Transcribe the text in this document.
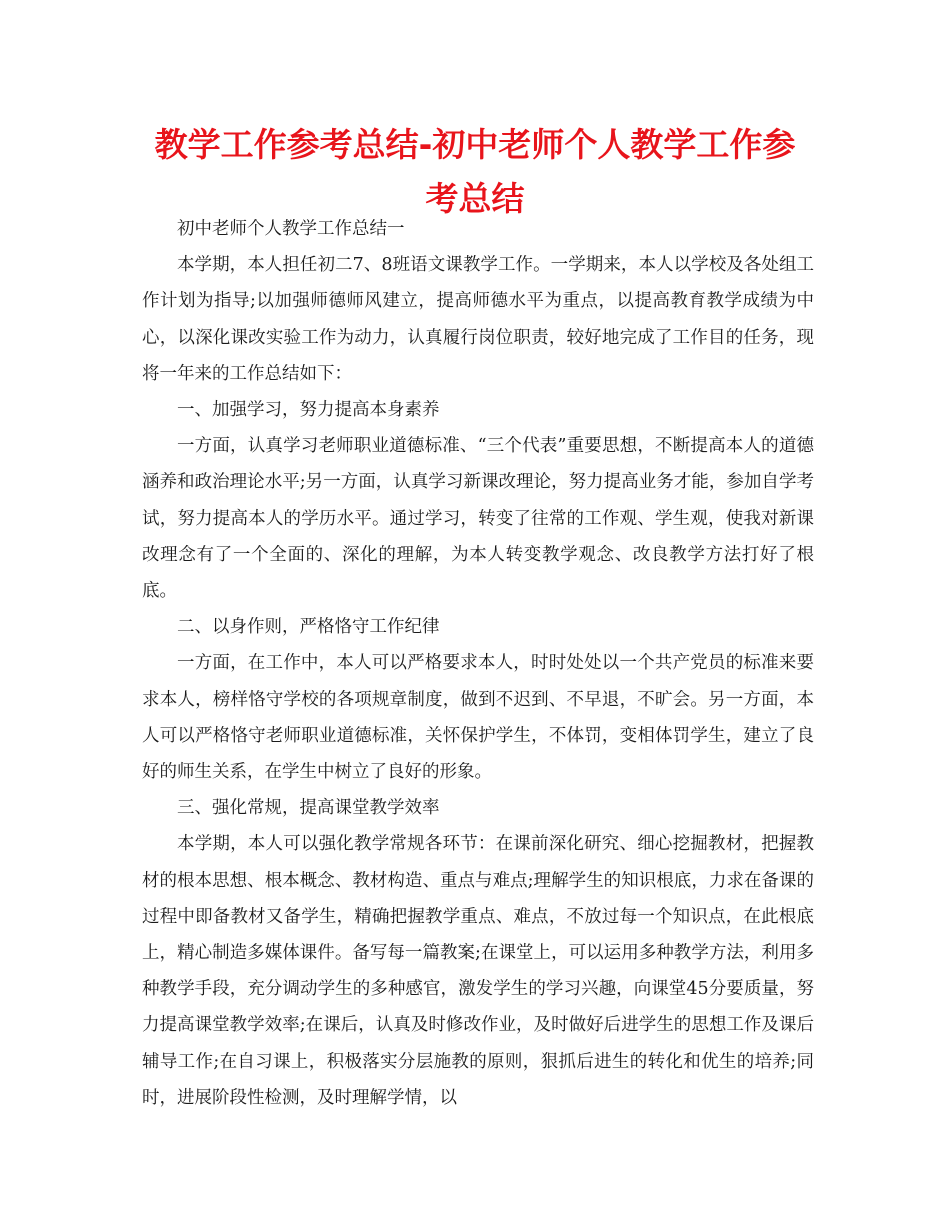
教学工作参考总结-初中老师个人教学工作参考总结

初中老师个人教学工作总结一

本学期，本人担任初二7、8班语文课教学工作。一学期来，本人以学校及各处组工作计划为指导;以加强师德师风建立，提高师德水平为重点，以提高教育教学成绩为中心，以深化课改实验工作为动力，认真履行岗位职责，较好地完成了工作目的任务，现将一年来的工作总结如下：

一、加强学习，努力提高本身素养

一方面，认真学习老师职业道德标准、“三个代表”重要思想，不断提高本人的道德涵养和政治理论水平;另一方面，认真学习新课改理论，努力提高业务才能，参加自学考试，努力提高本人的学历水平。通过学习，转变了往常的工作观、学生观，使我对新课改理念有了一个全面的、深化的理解，为本人转变教学观念、改良教学方法打好了根底。

二、以身作则，严格恪守工作纪律

一方面，在工作中，本人可以严格要求本人，时时处处以一个共产党员的标准来要求本人，榜样恪守学校的各项规章制度，做到不迟到、不早退，不旷会。另一方面，本人可以严格恪守老师职业道德标准，关怀保护学生，不体罚，变相体罚学生，建立了良好的师生关系，在学生中树立了良好的形象。

三、强化常规，提高课堂教学效率

本学期，本人可以强化教学常规各环节：在课前深化研究、细心挖掘教材，把握教材的根本思想、根本概念、教材构造、重点与难点;理解学生的知识根底，力求在备课的过程中即备教材又备学生，精确把握教学重点、难点，不放过每一个知识点，在此根底上，精心制造多媒体课件。备写每一篇教案;在课堂上，可以运用多种教学方法，利用多种教学手段，充分调动学生的多种感官，激发学生的学习兴趣，向课堂45分要质量，努力提高课堂教学效率;在课后，认真及时修改作业，及时做好后进学生的思想工作及课后辅导工作;在自习课上，积极落实分层施教的原则，狠抓后进生的转化和优生的培养;同时，进展阶段性检测，及时理解学情，以
